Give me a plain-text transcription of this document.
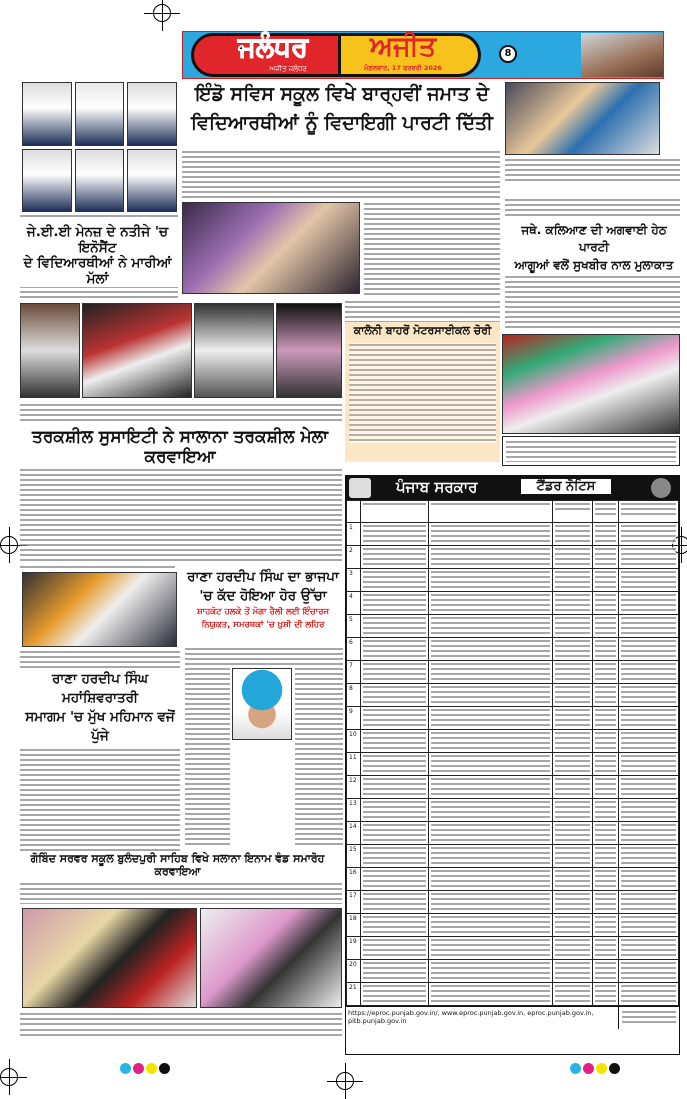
ਜਲੰਧਰ
ਅਜੀਤ ਜਲੰਧਰ
ਅਜੀਤ
ਮੰਗਲਵਾਰ, 17 ਫਰਵਰੀ 2026
8
ਜੇ.ਈ.ਈ ਮੇਨਜ਼ ਦੇ ਨਤੀਜੇ 'ਚ ਇਨੋਸੈਂਟ
ਦੇ ਵਿਦਿਆਰਥੀਆਂ ਨੇ ਮਾਰੀਆਂ ਮੱਲਾਂ
ਇੰਡੋ ਸਵਿਸ ਸਕੂਲ ਵਿਖੇ ਬਾਰ੍ਹਵੀਂ ਜਮਾਤ ਦੇ
ਵਿਦਿਆਰਥੀਆਂ ਨੂੰ ਵਿਦਾਇਗੀ ਪਾਰਟੀ ਦਿੱਤੀ
ਜਥੇ. ਕਲਿਆਣ ਦੀ ਅਗਵਾਈ ਹੇਠ ਪਾਰਟੀ
ਆਗੂਆਂ ਵਲੋਂ ਸੁਖਬੀਰ ਨਾਲ ਮੁਲਾਕਾਤ
ਤਰਕਸ਼ੀਲ ਸੁਸਾਇਟੀ ਨੇ ਸਾਲਾਨਾ ਤਰਕਸ਼ੀਲ ਮੇਲਾ ਕਰਵਾਇਆ
ਕਾਲੋਨੀ ਬਾਹਰੋਂ ਮੋਟਰਸਾਈਕਲ ਚੋਰੀ
ਪੰਜਾਬ ਸਰਕਾਰ	ਟੈਂਡਰ ਨੋਟਿਸ

1	

2	

3	

4	

5	

6	

7	

8	

9	

10	

11	

12	

13	

14	

15	

16	

17	

18	

19	

20	

21	

https://eproc.punjab.gov.in/, www.eproc.punjab.gov.in, eproc.punjab.gov.in, pitb.punjab.gov.in
ਰਾਣਾ ਹਰਦੀਪ ਸਿੰਘ ਮਹਾਂਸ਼ਿਵਰਾਤਰੀ
ਸਮਾਗਮ 'ਚ ਮੁੱਖ ਮਹਿਮਾਨ ਵਜੋਂ ਪੁੱਜੇ
ਰਾਣਾ ਹਰਦੀਪ ਸਿੰਘ ਦਾ ਭਾਜਪਾ
'ਚ ਕੱਦ ਹੋਇਆ ਹੋਰ ਉੱਚਾ
ਸ਼ਾਹਕੋਟ ਹਲਕੇ ਤੋਂ ਮੋਗਾ ਰੈਲੀ ਲਈ ਇੰਚਾਰਜ
ਨਿਯੁਕਤ, ਸਮਰਥਕਾਂ 'ਚ ਖ਼ੁਸ਼ੀ ਦੀ ਲਹਿਰ
ਗੋਬਿੰਦ ਸਰਵਰ ਸਕੂਲ ਬੁਲੰਦਪੁਰੀ ਸਾਹਿਬ ਵਿਖੇ ਸਲਾਨਾ ਇਨਾਮ ਵੰਡ ਸਮਾਰੋਹ ਕਰਵਾਇਆ
